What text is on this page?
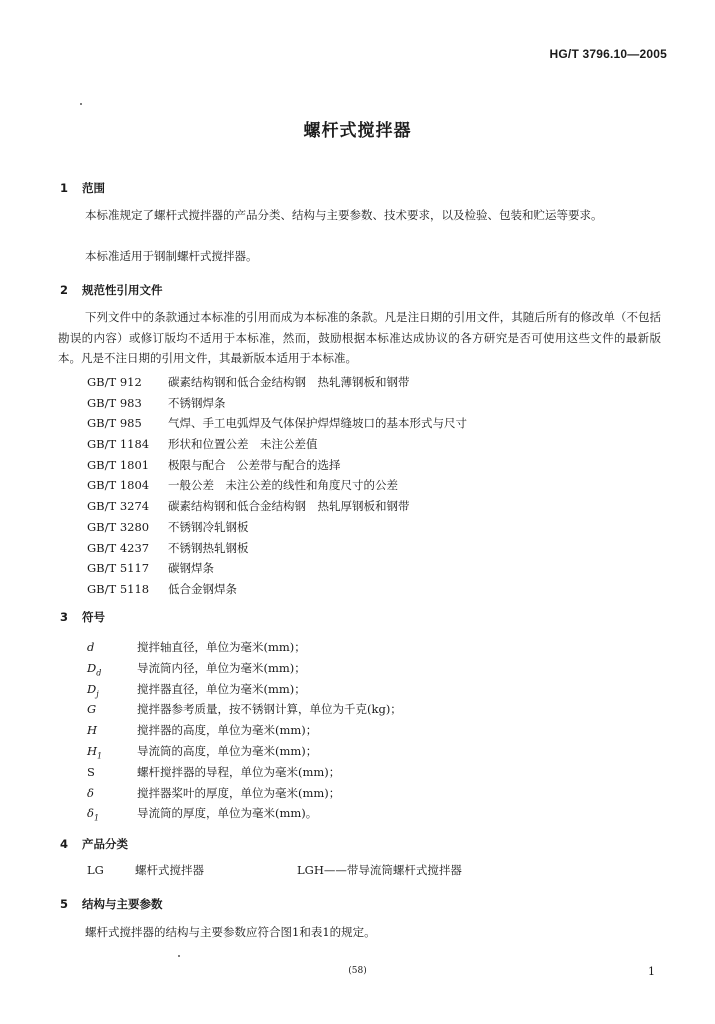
HG/T 3796.10—2005
螺杆式搅拌器
1 范围
本标准规定了螺杆式搅拌器的产品分类、结构与主要参数、技术要求，以及检验、包装和贮运等要求。
本标准适用于钢制螺杆式搅拌器。
2 规范性引用文件
下列文件中的条款通过本标准的引用而成为本标准的条款。凡是注日期的引用文件，其随后所有的修改单（不包括勘误的内容）或修订版均不适用于本标准，然而，鼓励根据本标准达成协议的各方研究是否可使用这些文件的最新版本。凡是不注日期的引用文件，其最新版本适用于本标准。
GB/T 912 碳素结构钢和低合金结构钢　热轧薄钢板和钢带
GB/T 983 不锈钢焊条
GB/T 985 气焊、手工电弧焊及气体保护焊焊缝坡口的基本形式与尺寸
GB/T 1184 形状和位置公差　未注公差值
GB/T 1801 极限与配合　公差带与配合的选择
GB/T 1804 一般公差　未注公差的线性和角度尺寸的公差
GB/T 3274 碳素结构钢和低合金结构钢　热轧厚钢板和钢带
GB/T 3280 不锈钢冷轧钢板
GB/T 4237 不锈钢热轧钢板
GB/T 5117 碳钢焊条
GB/T 5118 低合金钢焊条
3 符号
d	搅拌轴直径，单位为毫米(mm)；
$D_d$	导流筒内径，单位为毫米(mm)；
$D_j$	搅拌器直径，单位为毫米(mm)；
G	搅拌器参考质量，按不锈钢计算，单位为千克(kg)；
H	搅拌器的高度，单位为毫米(mm)；
$H_1$	导流筒的高度，单位为毫米(mm)；
S	螺杆搅拌器的导程，单位为毫米(mm)；
δ	搅拌器桨叶的厚度，单位为毫米(mm)；
$\delta_1$	导流筒的厚度，单位为毫米(mm)。
4 产品分类
LG	螺杆式搅拌器	LGH——带导流筒螺杆式搅拌器
5 结构与主要参数
螺杆式搅拌器的结构与主要参数应符合图1和表1的规定。
(58)	1
